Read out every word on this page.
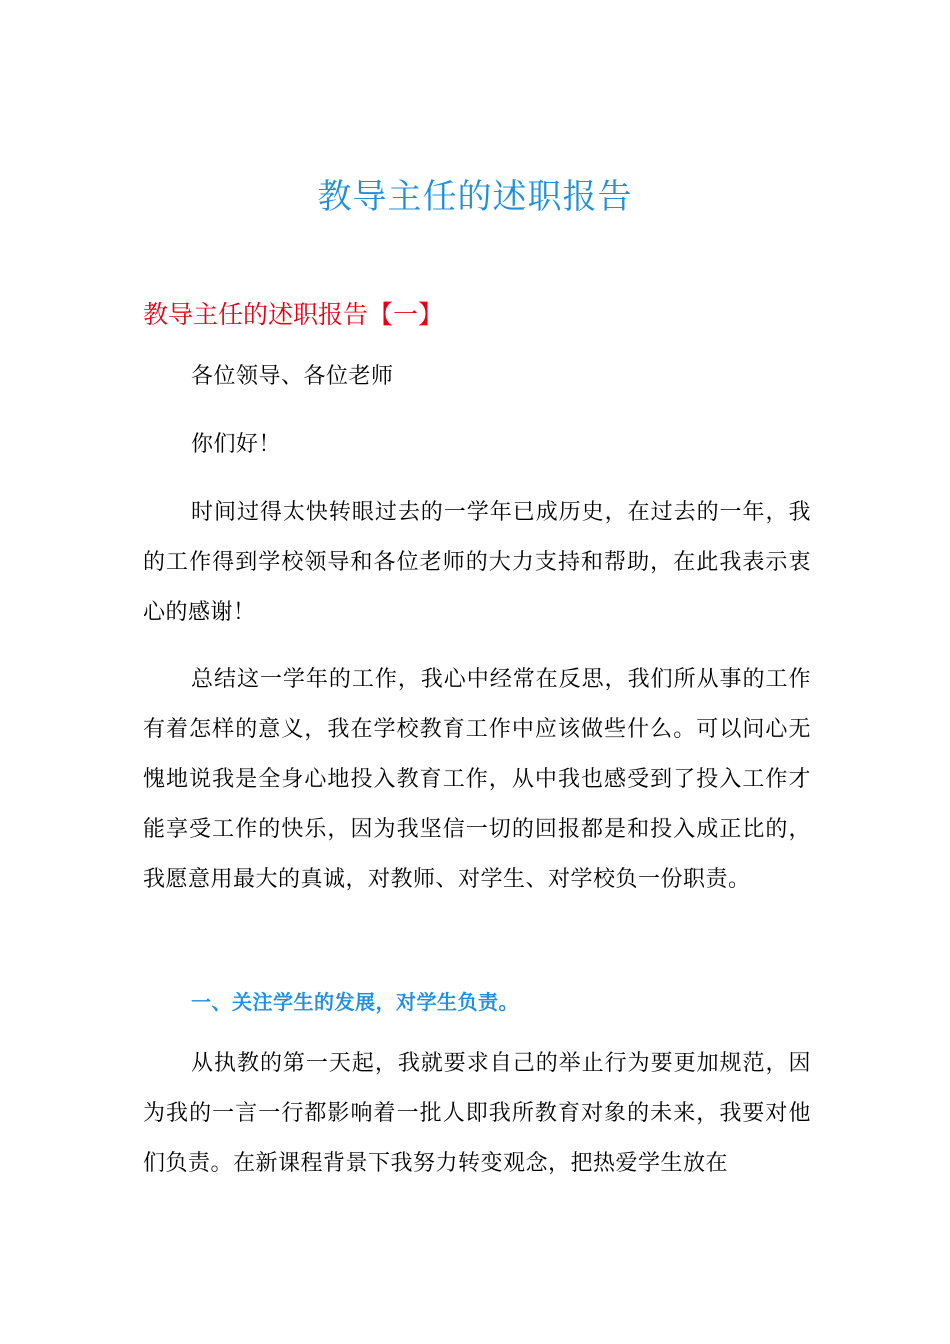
教导主任的述职报告
教导主任的述职报告【一】

各位领导、各位老师

你们好！

时间过得太快转眼过去的一学年已成历史，在过去的一年，我的工作得到学校领导和各位老师的大力支持和帮助，在此我表示衷心的感谢！

总结这一学年的工作，我心中经常在反思，我们所从事的工作有着怎样的意义，我在学校教育工作中应该做些什么。可以问心无愧地说我是全身心地投入教育工作，从中我也感受到了投入工作才能享受工作的快乐，因为我坚信一切的回报都是和投入成正比的，我愿意用最大的真诚，对教师、对学生、对学校负一份职责。

一、关注学生的发展，对学生负责。

从执教的第一天起，我就要求自己的举止行为要更加规范，因为我的一言一行都影响着一批人即我所教育对象的未来，我要对他们负责。在新课程背景下我努力转变观念，把热爱学生放在
